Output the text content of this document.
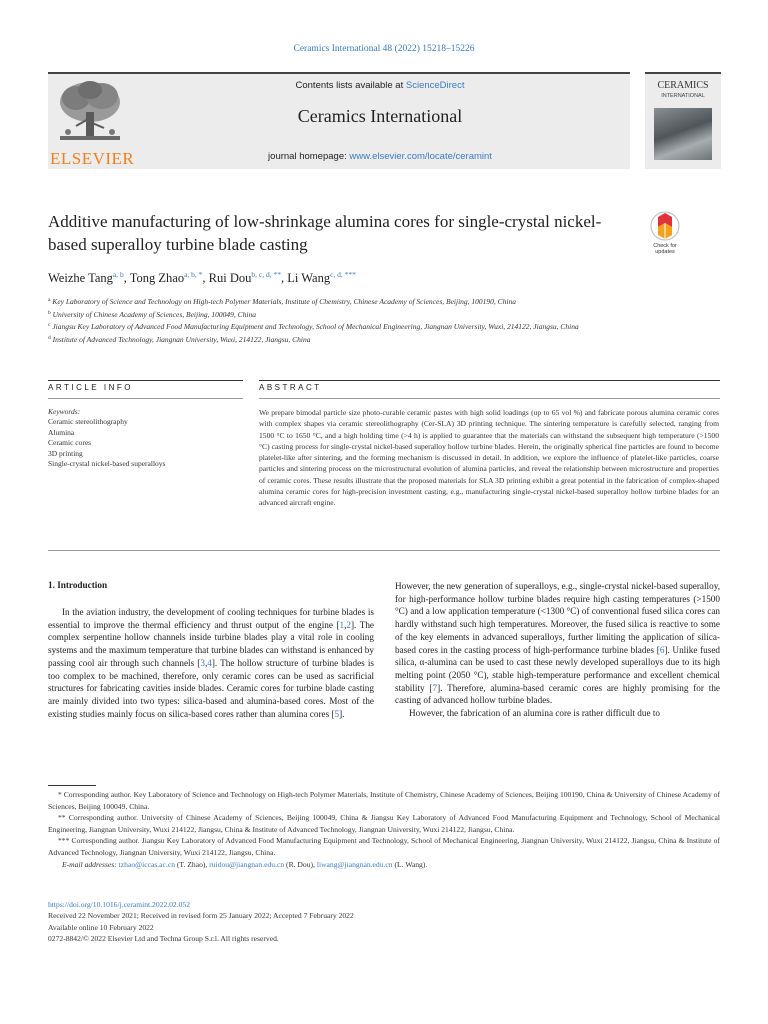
Ceramics International 48 (2022) 15218–15226
ELSEVIER
Contents lists available at ScienceDirect
Ceramics International
journal homepage: www.elsevier.com/locate/ceramint
CERAMICS
INTERNATIONAL
Additive manufacturing of low-shrinkage alumina cores for single-crystal nickel-based superalloy turbine blade casting	Check for updates
Weizhe Tang$^{a, b}$, Tong Zhao$^{a, b, *}$, Rui Dou$^{b, c, d, **}$, Li Wang$^{c, d, ***}$
$^a$ Key Laboratory of Science and Technology on High-tech Polymer Materials, Institute of Chemistry, Chinese Academy of Sciences, Beijing, 100190, China
$^b$ University of Chinese Academy of Sciences, Beijing, 100049, China
$^c$ Jiangsu Key Laboratory of Advanced Food Manufacturing Equipment and Technology, School of Mechanical Engineering, Jiangnan University, Wuxi, 214122, Jiangsu, China
$^d$ Institute of Advanced Technology, Jiangnan University, Wuxi, 214122, Jiangsu, China
ARTICLE INFO	ABSTRACT
Keywords:
Ceramic stereolithography
Alumina
Ceramic cores
3D printing
Single-crystal nickel-based superalloys
We prepare bimodal particle size photo-curable ceramic pastes with high solid loadings (up to 65 vol %) and fabricate porous alumina ceramic cores with complex shapes via ceramic stereolithography (Cer-SLA) 3D printing technique. The sintering temperature is carefully selected, ranging from 1500 °C to 1650 °C, and a high holding time (>4 h) is applied to guarantee that the materials can withstand the subsequent high temperature (>1500 °C) casting process for single-crystal nickel-based superalloy hollow turbine blades. Herein, the originally spherical fine particles are found to become platelet-like after sintering, and the forming mechanism is discussed in detail. In addition, we explore the influence of platelet-like particles, coarse particles and sintering process on the microstructural evolution of alumina particles, and reveal the relationship between microstructure and properties of ceramic cores. These results illustrate that the proposed materials for SLA 3D printing exhibit a great potential in the fabrication of complex-shaped alumina ceramic cores for high-precision investment casting, e.g., manufacturing single-crystal nickel-based superalloy hollow turbine blades for an advanced aircraft engine.
1. Introduction

In the aviation industry, the development of cooling techniques for turbine blades is essential to improve the thermal efficiency and thrust output of the engine [1,2]. The complex serpentine hollow channels inside turbine blades play a vital role in cooling systems and the maximum temperature that turbine blades can withstand is enhanced by passing cool air through such channels [3,4]. The hollow structure of turbine blades is too complex to be machined, therefore, only ceramic cores can be used as sacrificial structures for fabricating cavities inside blades. Ceramic cores for turbine blade casting are mainly divided into two types: silica-based and alumina-based cores. Most of the existing studies mainly focus on silica-based cores rather than alumina cores [5].

However, the new generation of superalloys, e.g., single-crystal nickel-based superalloy, for high-performance hollow turbine blades require high casting temperatures (>1500 °C) and a low application temperature (<1300 °C) of conventional fused silica cores can hardly withstand such high temperatures. Moreover, the fused silica is reactive to some of the key elements in advanced superalloys, further limiting the application of silica-based cores in the casting process of high-performance turbine blades [6]. Unlike fused silica, α-alumina can be used to cast these newly developed superalloys due to its high melting point (2050 °C), stable high-temperature performance and excellent chemical stability [7]. Therefore, alumina-based ceramic cores are highly promising for the casting of advanced hollow turbine blades.

However, the fabrication of an alumina core is rather difficult due to

* Corresponding author. Key Laboratory of Science and Technology on High-tech Polymer Materials, Institute of Chemistry, Chinese Academy of Sciences, Beijing 100190, China & University of Chinese Academy of Sciences, Beijing 100049, China.

** Corresponding author. University of Chinese Academy of Sciences, Beijing 100049, China & Jiangsu Key Laboratory of Advanced Food Manufacturing Equipment and Technology, School of Mechanical Engineering, Jiangnan University, Wuxi 214122, Jiangsu, China & Institute of Advanced Technology, Jiangnan University, Wuxi 214122, Jiangsu, China.

*** Corresponding author. Jiangsu Key Laboratory of Advanced Food Manufacturing Equipment and Technology, School of Mechanical Engineering, Jiangnan University, Wuxi 214122, Jiangsu, China & Institute of Advanced Technology, Jiangnan University, Wuxi 214122, Jiangsu, China.

E-mail addresses: tzhao@iccas.ac.cn (T. Zhao), ruidou@jiangnan.edu.cn (R. Dou), liwang@jiangnan.edu.cn (L. Wang).

https://doi.org/10.1016/j.ceramint.2022.02.052
Received 22 November 2021; Received in revised form 25 January 2022; Accepted 7 February 2022
Available online 10 February 2022
0272-8842/© 2022 Elsevier Ltd and Techna Group S.r.l. All rights reserved.
